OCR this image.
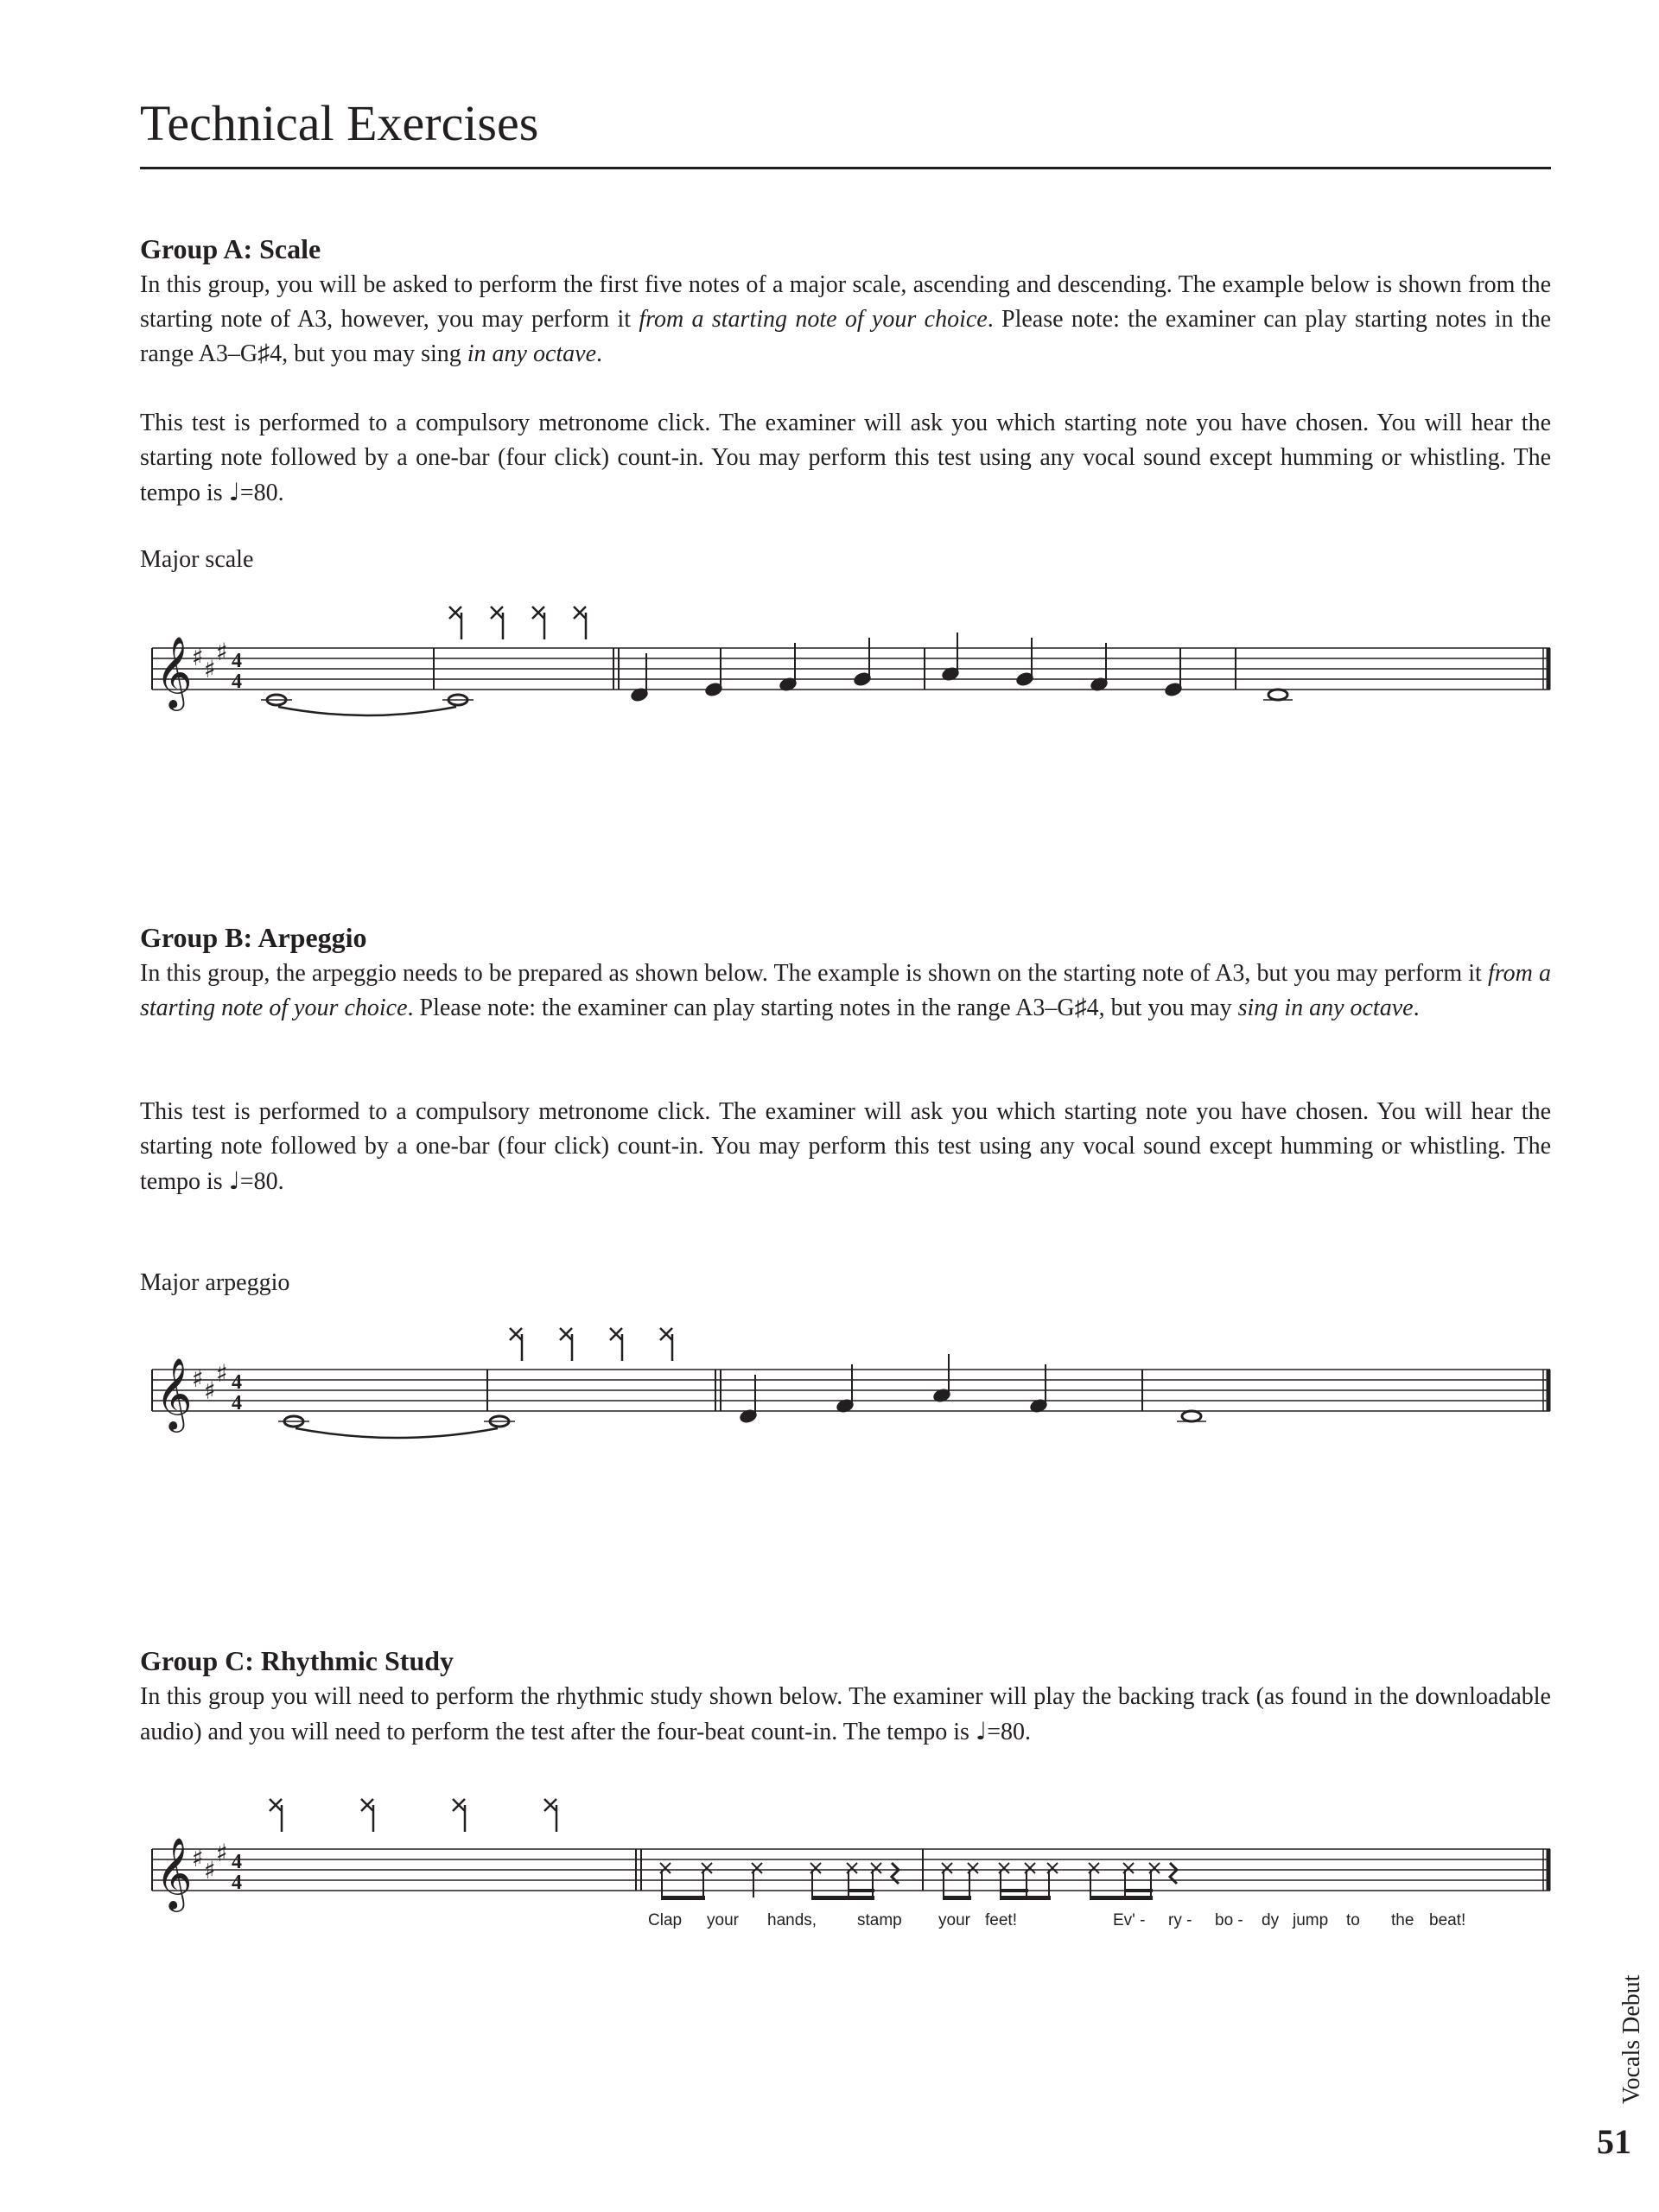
Technical Exercises
Group A: Scale

In this group, you will be asked to perform the first five notes of a major scale, ascending and descending. The example below is shown from the starting note of A3, however, you may perform it from a starting note of your choice. Please note: the examiner can play starting notes in the range A3–G♯4, but you may sing in any octave.

This test is performed to a compulsory metronome click. The examiner will ask you which starting note you have chosen. You will hear the starting note followed by a one-bar (four click) count-in. You may perform this test using any vocal sound except humming or whistling. The tempo is ♩=80.

Major scale
𝄞 ♯ ♯
♯ 4
4
Group B: Arpeggio

In this group, the arpeggio needs to be prepared as shown below. The example is shown on the starting note of A3, but you may perform it from a starting note of your choice. Please note: the examiner can play starting notes in the range A3–G♯4, but you may sing in any octave.

This test is performed to a compulsory metronome click. The examiner will ask you which starting note you have chosen. You will hear the starting note followed by a one-bar (four click) count-in. You may perform this test using any vocal sound except humming or whistling. The tempo is ♩=80.

Major arpeggio
𝄞 ♯ ♯
♯ 4
4
Group C: Rhythmic Study

In this group you will need to perform the rhythmic study shown below. The examiner will play the backing track (as found in the downloadable audio) and you will need to perform the test after the four-beat count-in. The tempo is ♩=80.

𝄞 ♯ ♯
♯ 4
4
Clap your hands, stamp your feet!	Ev' - ry - bo - dy jump to the beat!
Vocals Debut
51
